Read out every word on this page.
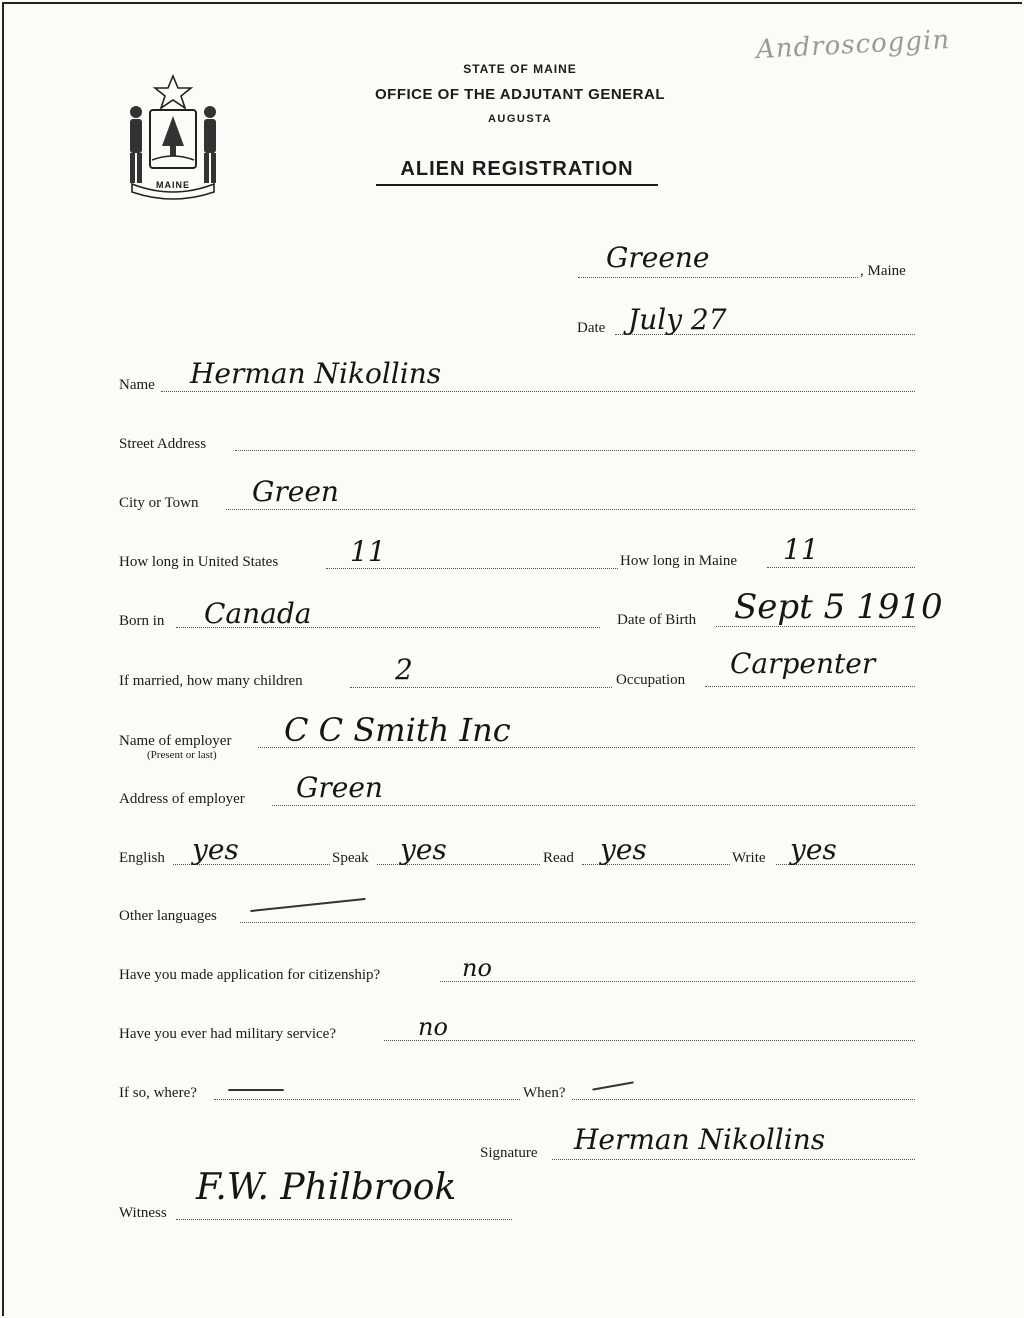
MAINE
Androscoggin
STATE OF MAINE
OFFICE OF THE ADJUTANT GENERAL
AUGUSTA
ALIEN REGISTRATION
Greene	, Maine
Date July 27
Name Herman Nikollins
Street Address
City or Town Green
How long in United States	11	How long in Maine 11
Born in Canada	Date of Birth Sept 5 1910
If married, how many children	2	Occupation Carpenter
Name of employer
(Present or last)
C C Smith Inc
Address of employer Green
English yes	Speak yes	Read yes	Write yes
Other languages
Have you made application for citizenship?	no
Have you ever had military service?	no
If so, where?	When?
Signature Herman Nikollins
Witness
F.W. Philbrook
